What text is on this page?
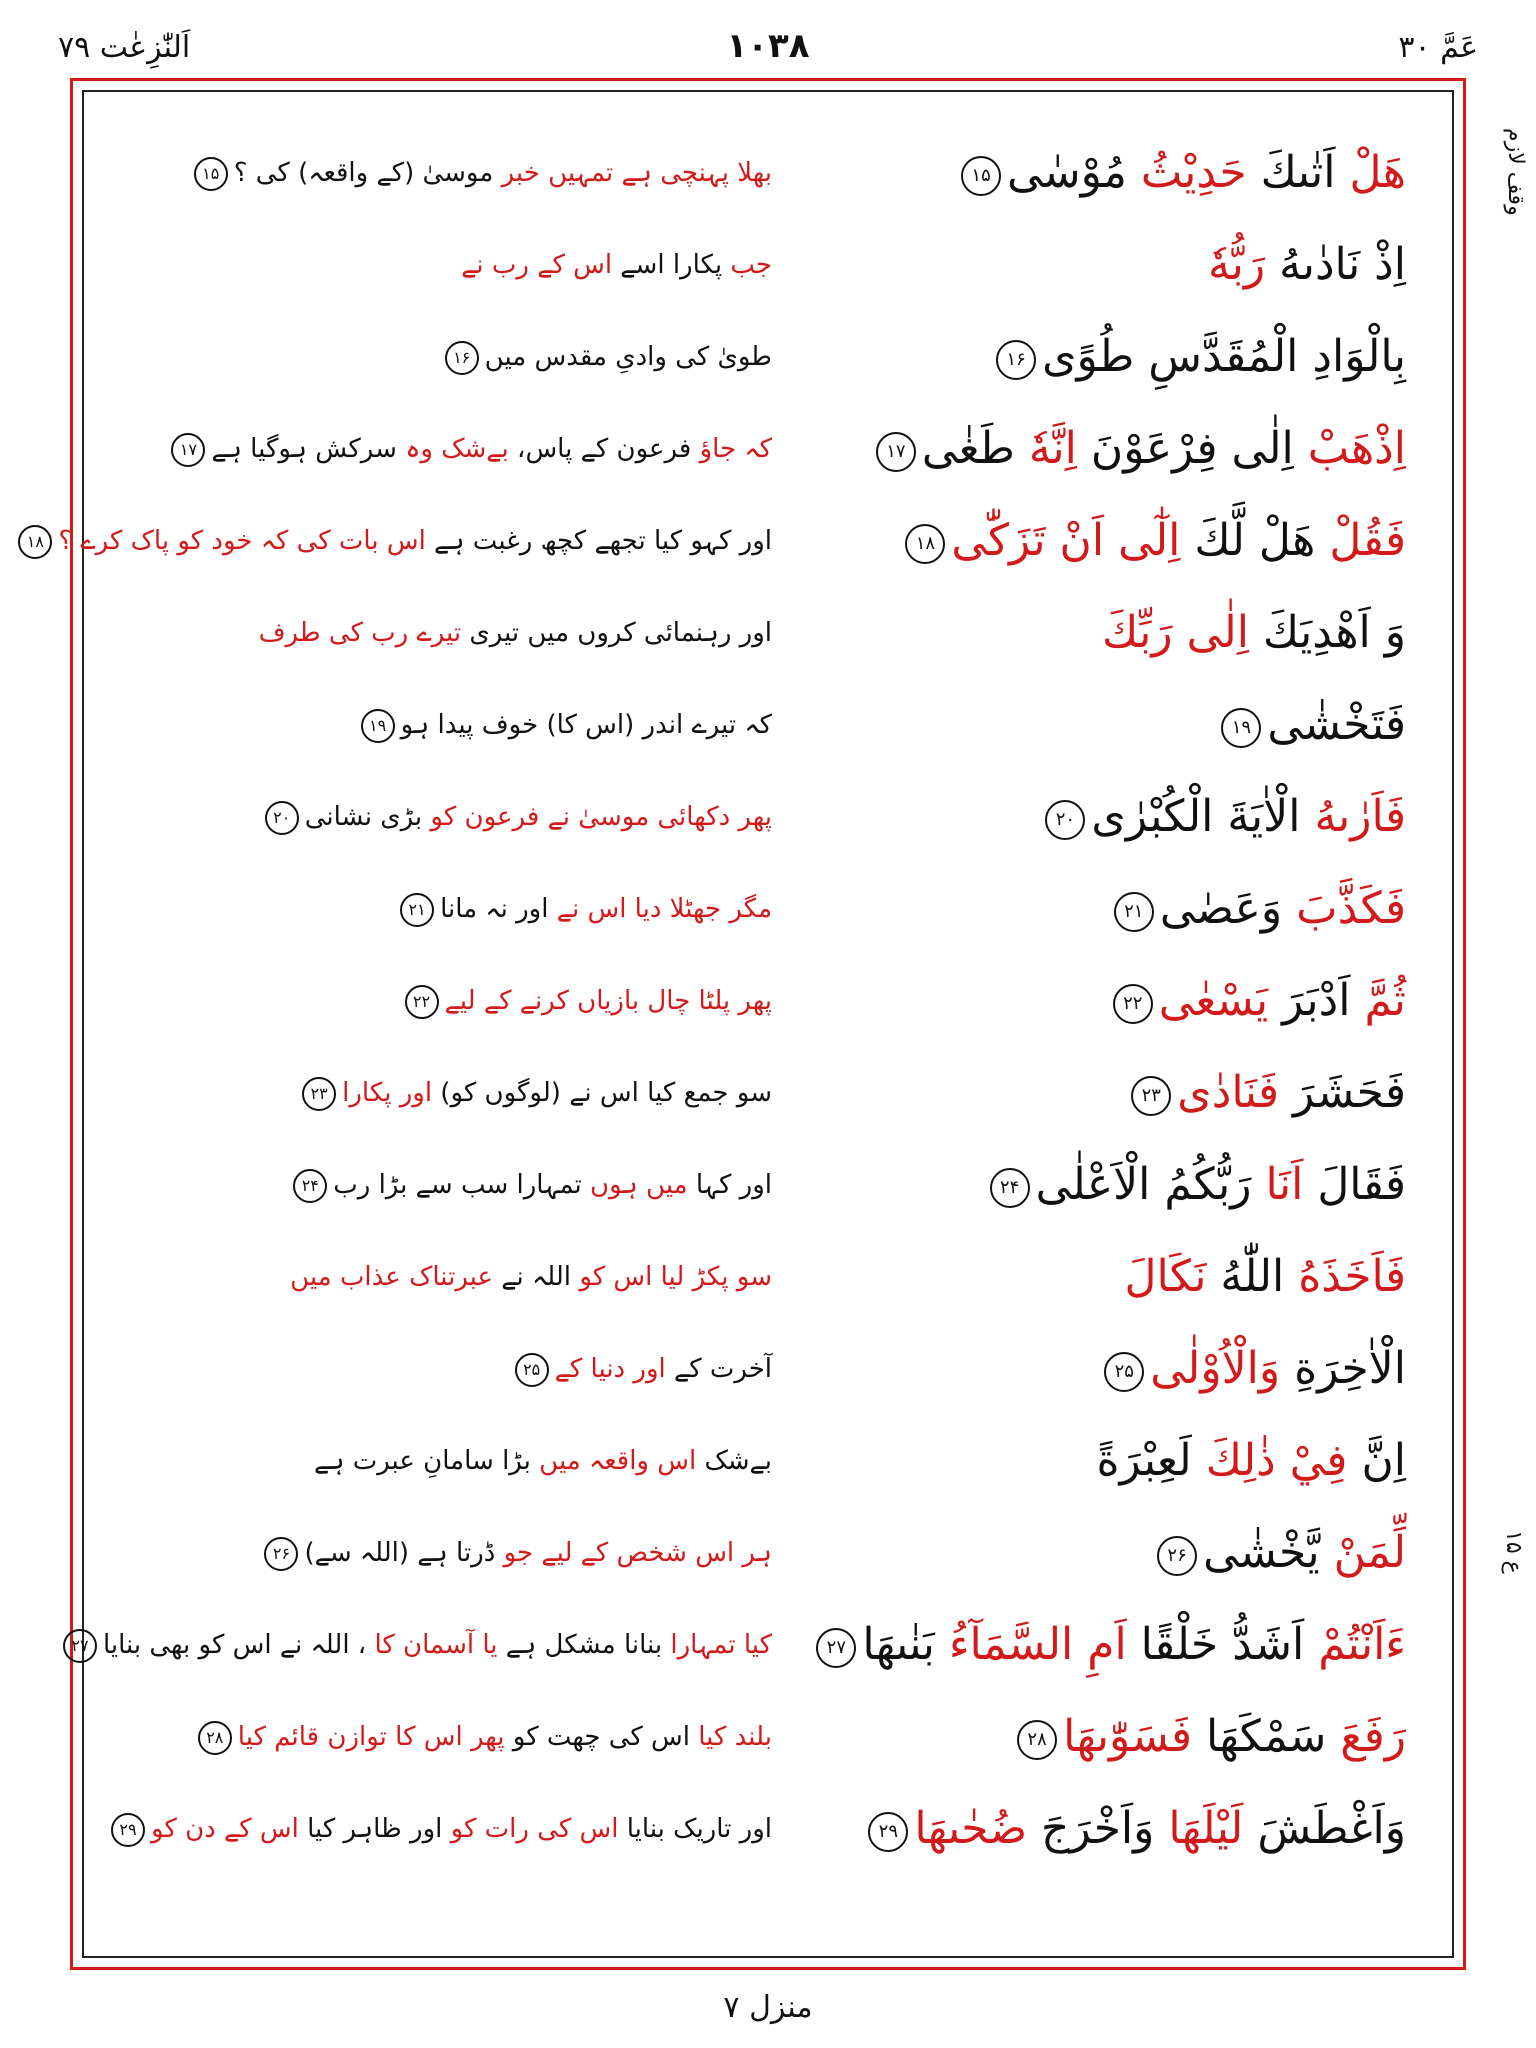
اَلنّٰزِعٰت ۷۹	۱۰۳۸	عَمَّ ۳۰
وقف لازم
ع ۱۵
هَلْ اَتٰىكَ حَدِيْثُ مُوْسٰى۱۵
بھلا پہنچی ہے تمہیں خبر موسیٰ (کے واقعہ) کی ؟۱۵
اِذْ نَادٰىهُ رَبُّهٗ
جب پکارا اسے اس کے رب نے
بِالْوَادِ الْمُقَدَّسِ طُوًى۱۶
طویٰ کی وادیِ مقدس میں۱۶
اِذْهَبْ اِلٰى فِرْعَوْنَ اِنَّهٗ طَغٰى۱۷
کہ جاؤ فرعون کے پاس، بےشک وہ سرکش ہوگیا ہے۱۷
فَقُلْ هَلْ لَّكَ اِلٰٓى اَنْ تَزَكّٰى۱۸
اور کہو کیا تجھے کچھ رغبت ہے اس بات کی کہ خود کو پاک کرے ؟۱۸
وَ اَهْدِيَكَ اِلٰى رَبِّكَ
اور رہنمائی کروں میں تیری تیرے رب کی طرف
فَتَخْشٰى۱۹
کہ تیرے اندر (اس کا) خوف پیدا ہو۱۹
فَاَرٰىهُ الْاٰيَةَ الْكُبْرٰى۲۰
پھر دکھائی موسیٰ نے فرعون کو بڑی نشانی۲۰
فَكَذَّبَ وَعَصٰى۲۱
مگر جھٹلا دیا اس نے اور نہ مانا۲۱
ثُمَّ اَدْبَرَ يَسْعٰى۲۲
پھر پلٹا چال بازیاں کرنے کے لیے۲۲
فَحَشَرَ فَنَادٰى۲۳
سو جمع کیا اس نے (لوگوں کو) اور پکارا۲۳
فَقَالَ اَنَا رَبُّكُمُ الْاَعْلٰى۲۴
اور کہا میں ہوں تمہارا سب سے بڑا رب۲۴
فَاَخَذَهُ اللّٰهُ نَكَالَ
سو پکڑ لیا اس کو اللہ نے عبرتناک عذاب میں
الْاٰخِرَةِ وَالْاُوْلٰى۲۵
آخرت کے اور دنیا کے۲۵
اِنَّ فِيْ ذٰلِكَ لَعِبْرَةً
بےشک اس واقعہ میں بڑا سامانِ عبرت ہے
لِّمَنْ يَّخْشٰى۲۶
ہر اس شخص کے لیے جو ڈرتا ہے (اللہ سے)۲۶
ءَاَنْتُمْ اَشَدُّ خَلْقًا اَمِ السَّمَآءُ بَنٰىهَا۲۷
کیا تمہارا بنانا مشکل ہے یا آسمان کا ، اللہ نے اس کو بھی بنایا۲۷
رَفَعَ سَمْكَهَا فَسَوّٰىهَا۲۸
بلند کیا اس کی چھت کو پھر اس کا توازن قائم کیا۲۸
وَاَغْطَشَ لَيْلَهَا وَاَخْرَجَ ضُحٰىهَا۲۹
اور تاریک بنایا اس کی رات کو اور ظاہر کیا اس کے دن کو۲۹
منزل ۷
